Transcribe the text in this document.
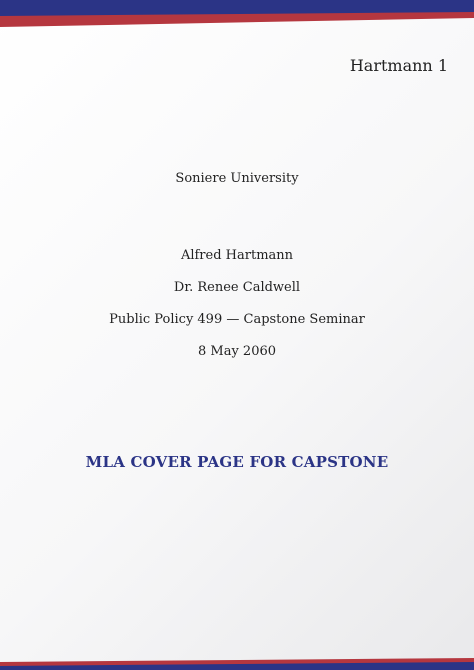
Hartmann 1
Soniere University
Alfred Hartmann
Dr. Renee Caldwell
Public Policy 499 — Capstone Seminar
8 May 2060
MLA COVER PAGE FOR CAPSTONE
